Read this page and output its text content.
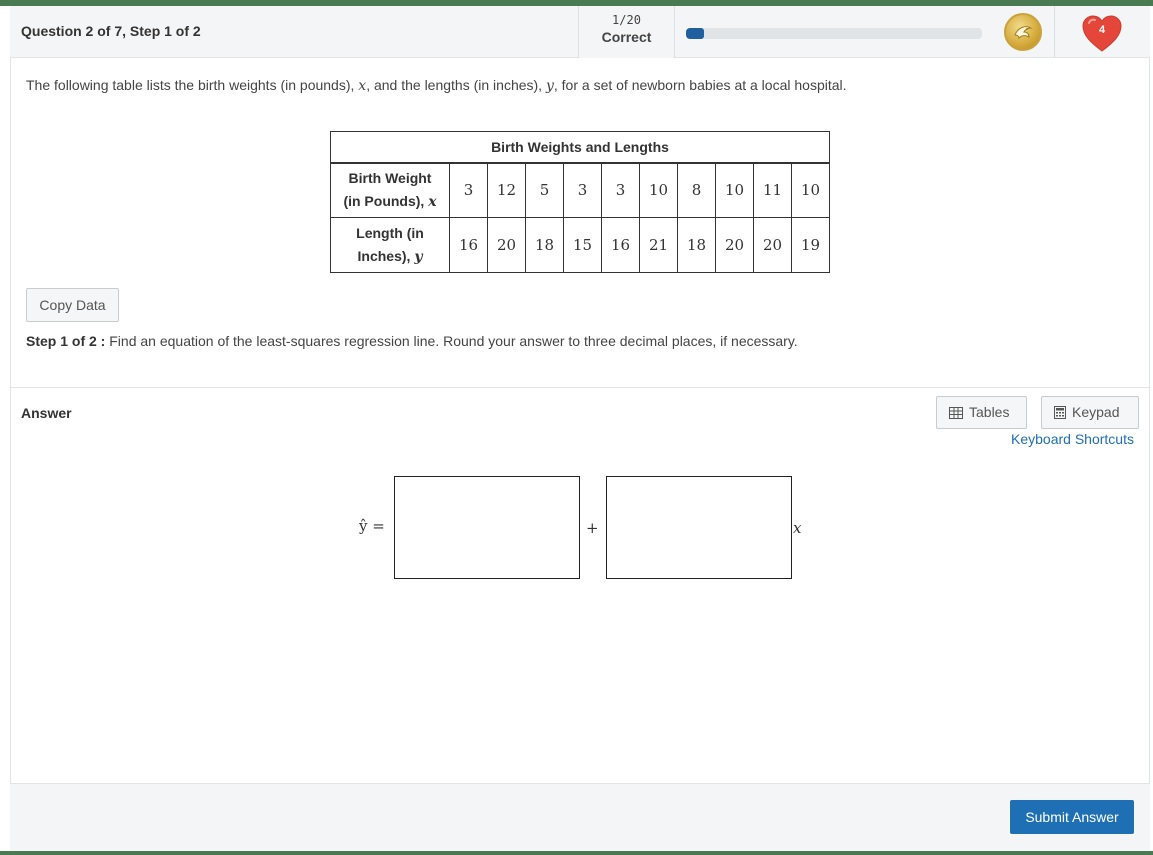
Question 2 of 7, Step 1 of 2
1/20
Correct	4
The following table lists the birth weights (in pounds), x, and the lengths (in inches), y, for a set of newborn babies at a local hospital.
Birth Weights and Lengths										
Birth Weight
(in Pounds), x	3	12	5	3	3	10	8	10	11	10
Length (in
Inches), y	16	20	18	15	16	21	18	20	20	19
Copy Data
Step 1 of 2 : Find an equation of the least-squares regression line. Round your answer to three decimal places, if necessary.
Answer	Tables	Keypad
Keyboard Shortcuts
ŷ =	+	x
Submit Answer
